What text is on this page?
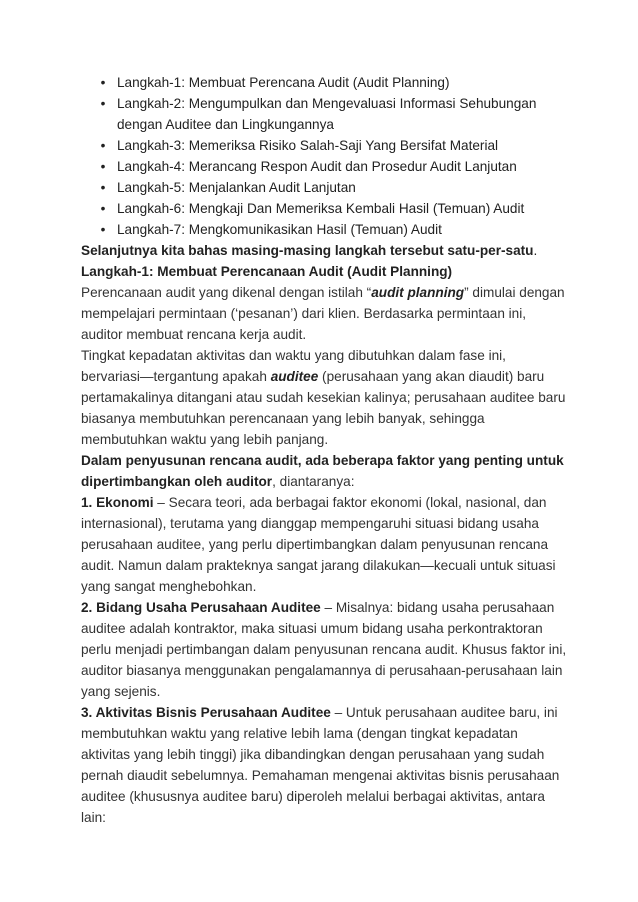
• Langkah-1: Membuat Perencana Audit (Audit Planning)
• Langkah-2: Mengumpulkan dan Mengevaluasi Informasi Sehubungan dengan Auditee dan Lingkungannya
• Langkah-3: Memeriksa Risiko Salah-Saji Yang Bersifat Material
• Langkah-4: Merancang Respon Audit dan Prosedur Audit Lanjutan
• Langkah-5: Menjalankan Audit Lanjutan
• Langkah-6: Mengkaji Dan Memeriksa Kembali Hasil (Temuan) Audit
• Langkah-7: Mengkomunikasikan Hasil (Temuan) Audit

Selanjutnya kita bahas masing-masing langkah tersebut satu-per-satu.

Langkah-1: Membuat Perencanaan Audit (Audit Planning)

Perencanaan audit yang dikenal dengan istilah “audit planning” dimulai dengan mempelajari permintaan (‘pesanan’) dari klien. Berdasarka permintaan ini, auditor membuat rencana kerja audit.

Tingkat kepadatan aktivitas dan waktu yang dibutuhkan dalam fase ini, bervariasi—tergantung apakah auditee (perusahaan yang akan diaudit) baru pertamakalinya ditangani atau sudah kesekian kalinya; perusahaan auditee baru biasanya membutuhkan perencanaan yang lebih banyak, sehingga membutuhkan waktu yang lebih panjang.

Dalam penyusunan rencana audit, ada beberapa faktor yang penting untuk dipertimbangkan oleh auditor, diantaranya:

1. Ekonomi – Secara teori, ada berbagai faktor ekonomi (lokal, nasional, dan internasional), terutama yang dianggap mempengaruhi situasi bidang usaha perusahaan auditee, yang perlu dipertimbangkan dalam penyusunan rencana audit. Namun dalam prakteknya sangat jarang dilakukan—kecuali untuk situasi yang sangat menghebohkan.

2. Bidang Usaha Perusahaan Auditee – Misalnya: bidang usaha perusahaan auditee adalah kontraktor, maka situasi umum bidang usaha perkontraktoran perlu menjadi pertimbangan dalam penyusunan rencana audit. Khusus faktor ini, auditor biasanya menggunakan pengalamannya di perusahaan-perusahaan lain yang sejenis.

3. Aktivitas Bisnis Perusahaan Auditee – Untuk perusahaan auditee baru, ini membutuhkan waktu yang relative lebih lama (dengan tingkat kepadatan aktivitas yang lebih tinggi) jika dibandingkan dengan perusahaan yang sudah pernah diaudit sebelumnya. Pemahaman mengenai aktivitas bisnis perusahaan auditee (khususnya auditee baru) diperoleh melalui berbagai aktivitas, antara lain:
